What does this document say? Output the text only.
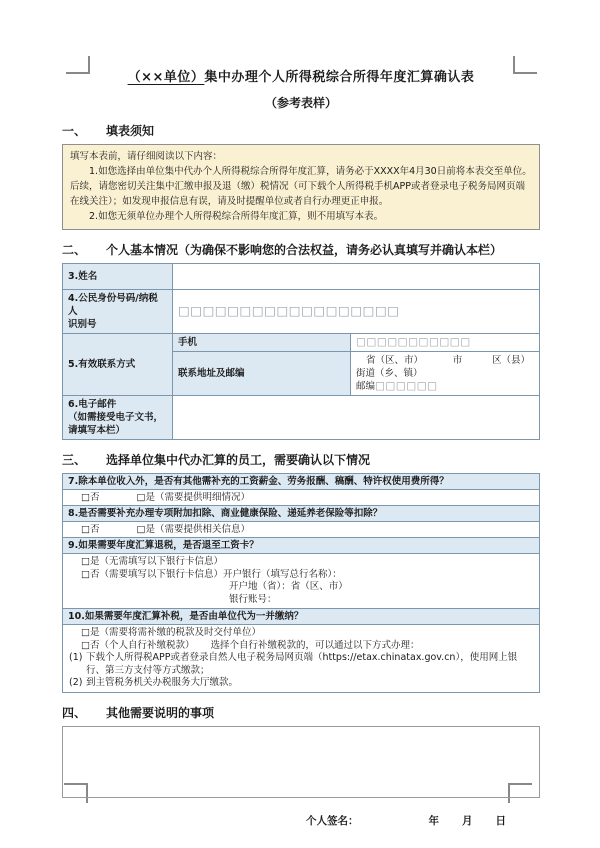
（××单位）集中办理个人所得税综合所得年度汇算确认表
（参考表样）
一、	填表须知

填写本表前，请仔细阅读以下内容：

1.如您选择由单位集中代办个人所得税综合所得年度汇算，请务必于XXXX年4月30日前将本表交至单位。后续，请您密切关注集中汇缴申报及退（缴）税情况（可下载个人所得税手机APP或者登录电子税务局网页端在线关注）；如发现申报信息有误，请及时提醒单位或者自行办理更正申报。

2.如您无须单位办理个人所得税综合所得年度汇算，则不用填写本表。

二、	个人基本情况（为确保不影响您的合法权益，请务必认真填写并确认本栏）
3.姓名		

4.公民身份号码/纳税人
识别号	□□□□□□□□□□□□□□□□□□	
5.有效联系方式	手机	□□□□□□□□□□□
	联系地址及邮编	省（区、市） 市 区（县）
街道（乡、镇）
邮编□□□□□□

6.电子邮件
（如需接受电子文书，
请填写本栏）		

三、	选择单位集中代办汇算的员工，需要确认以下情况
7.除本单位收入外，是否有其他需补充的工资薪金、劳务报酬、稿酬、特许权使用费所得？
□否	□是（需要提供明细情况）
8.是否需要补充办理专项附加扣除、商业健康保险、递延养老保险等扣除？
□否	□是（需要提供相关信息）
9.如果需要年度汇算退税，是否退至工资卡？

□是（无需填写以下银行卡信息）
□否（需要填写以下银行卡信息）开户银行（填写总行名称）：
开户地（省）：省（区、市）
银行账号：

10.如果需要年度汇算补税，是否由单位代为一并缴纳？

□是（需要将需补缴的税款及时交付单位）
□否（个人自行补缴税款） 选择个自行补缴税款的，可以通过以下方式办理：
(1) 下载个人所得税APP或者登录自然人电子税务局网页端（https://etax.chinatax.gov.cn），使用网上银行、第三方支付等方式缴款；
(2) 到主管税务机关办税服务大厅缴款。
四、	其他需要说明的事项
个人签名：	年 月 日
